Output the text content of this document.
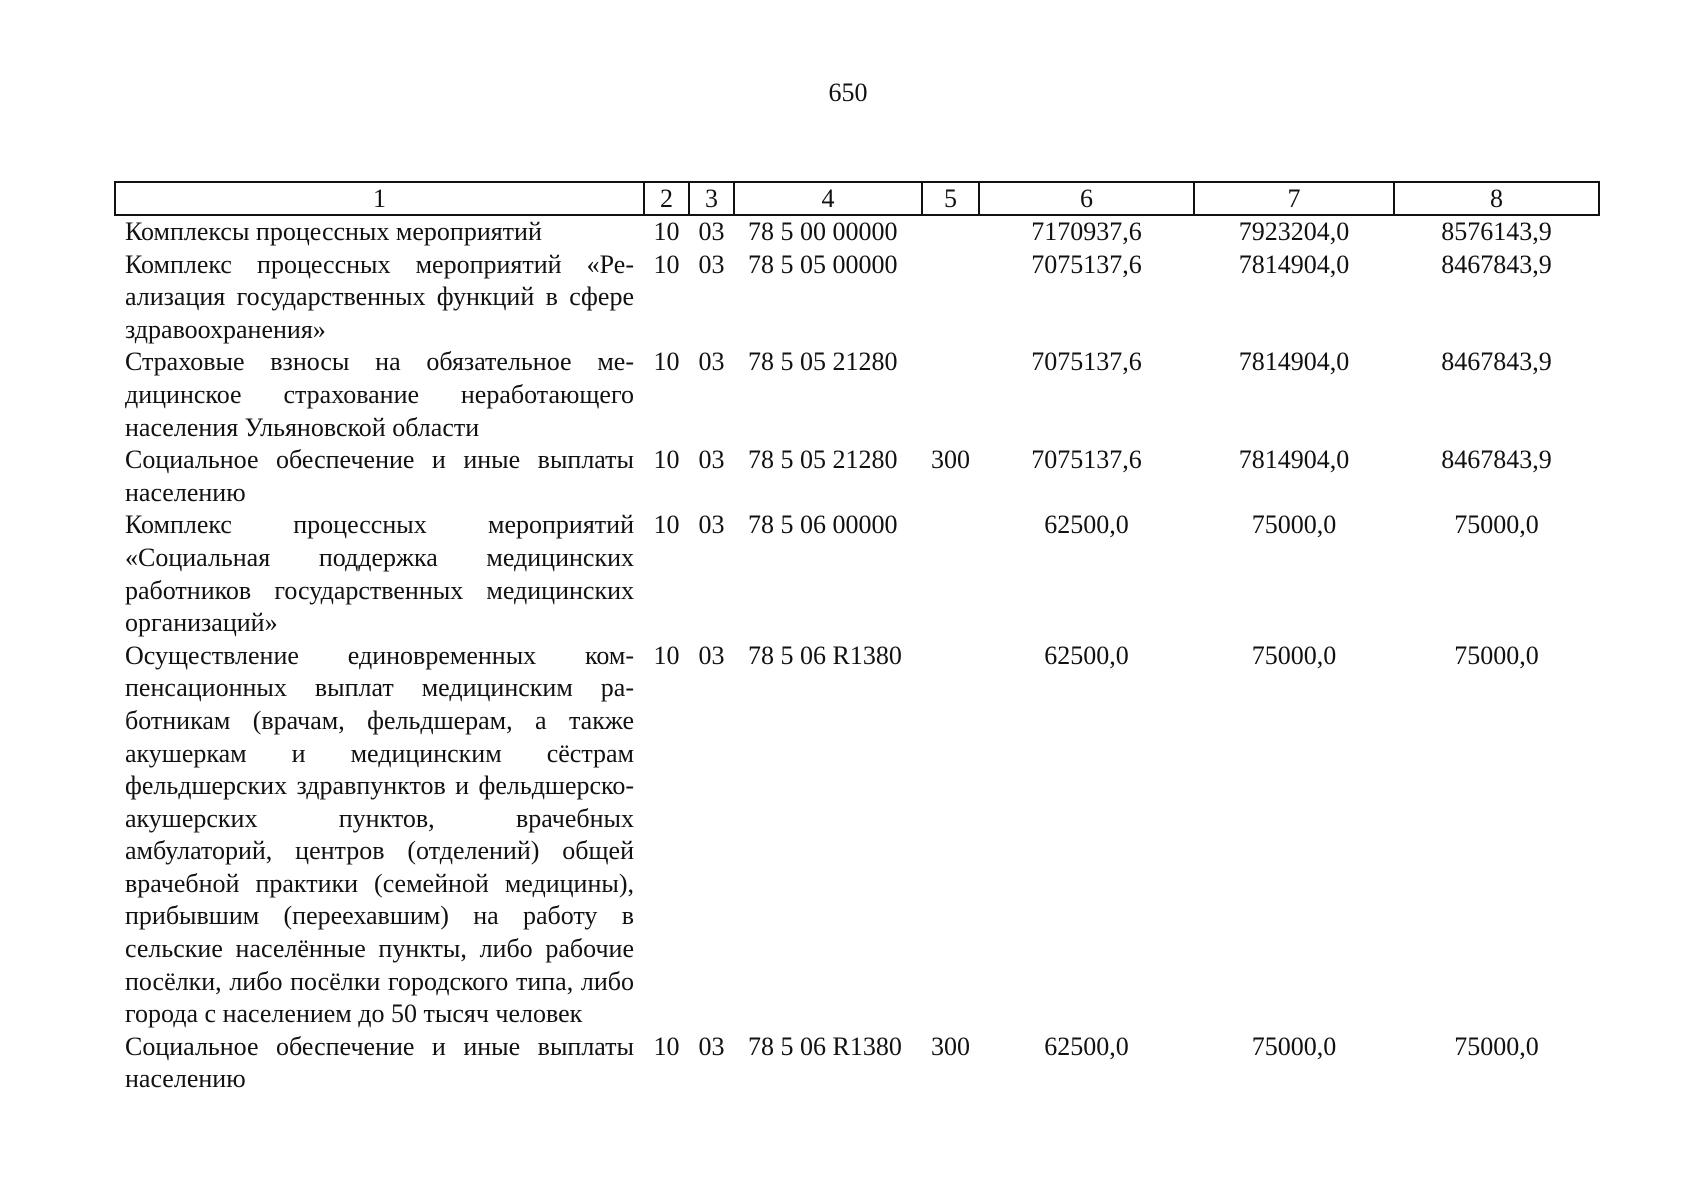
650
1	2	3	4	5	6	7	8
Комплексы процессных мероприятий	10	03	78 5 00 00000		7170937,6	7923204,0	8576143,9
Комплекс процессных мероприятий «Реализация государственных функций в сфере здравоохранения»	10	03	78 5 05 00000		7075137,6	7814904,0	8467843,9
Страховые взносы на обязательное медицинское страхование неработающего населения Ульяновской области	10	03	78 5 05 21280		7075137,6	7814904,0	8467843,9
Социальное обеспечение и иные выплаты населению	10	03	78 5 05 21280	300	7075137,6	7814904,0	8467843,9
Комплекс процессных мероприятий «Социальная поддержка медицинских работников государственных медицинских организаций»	10	03	78 5 06 00000		62500,0	75000,0	75000,0
Осуществление единовременных компенсационных выплат медицинским работникам (врачам, фельдшерам, а также акушеркам и медицинским сёстрам фельдшерских здравпунктов и фельдшерско-акушерских пунктов, врачебных амбулаторий, центров (отделений) общей врачебной практики (семейной медицины), прибывшим (переехавшим) на работу в сельские населённые пункты, либо рабочие посёлки, либо посёлки городского типа, либо города с населением до 50 тысяч человек	10	03	78 5 06 R1380		62500,0	75000,0	75000,0
Социальное обеспечение и иные выплаты населению	10	03	78 5 06 R1380	300	62500,0	75000,0	75000,0
